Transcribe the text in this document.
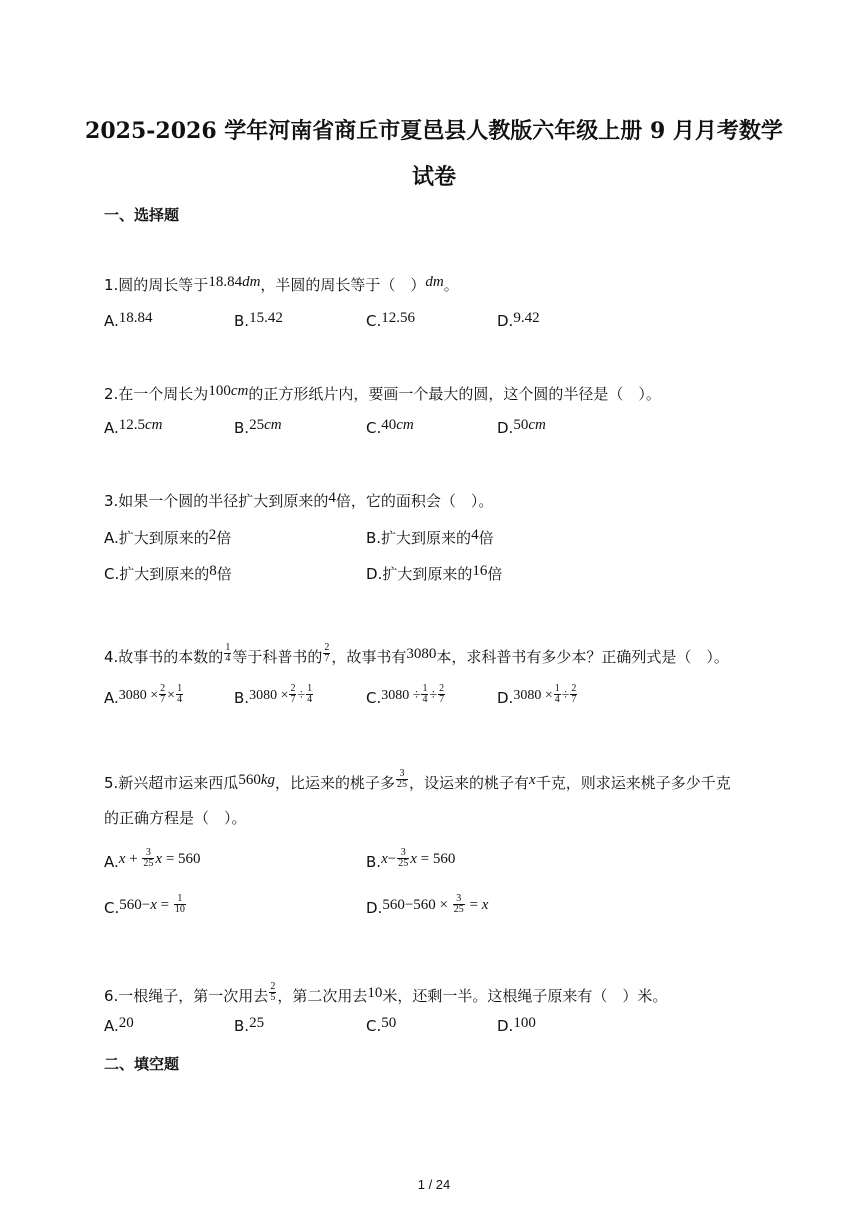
2025-2026 学年河南省商丘市夏邑县人教版六年级上册 9 月月考数学
试卷
一、选择题
1.圆的周长等于18.84dm，半圆的周长等于（　）dm。
A.18.84	B.15.42	C.12.56	D.9.42
2.在一个周长为100cm的正方形纸片内，要画一个最大的圆，这个圆的半径是（　）。
A.12.5cm	B.25cm	C.40cm	D.50cm
3.如果一个圆的半径扩大到原来的4倍，它的面积会（　）。
A.扩大到原来的2倍	B.扩大到原来的4倍
C.扩大到原来的8倍	D.扩大到原来的16倍
4.故事书的本数的 $\frac{1}{4}$ 等于科普书的 $\frac{2}{7}$ ，故事书有3080本，求科普书有多少本？正确列式是（　）。
$A.3080 \times \frac{2}{7} \times \frac{1}{4}$	$B.3080 \times \frac{2}{7} \div \frac{1}{4}$	$C.3080 \div \frac{1}{4} \div \frac{2}{7}$	$D.3080 \times \frac{1}{4} \div \frac{2}{7}$
5.新兴超市运来西瓜560kg，比运来的桃子多 $\frac{3}{25}$ ，设运来的桃子有x千克，则求运来桃子多少千克
的正确方程是（　）。
$A.x + \frac{3}{25}$ x = 560	$B.x- \frac{3}{25}$ x = 560
$C.560-x = \frac{1}{10}$	$D.560-560 \times \frac{3}{25} = x$
6.一根绳子，第一次用去 $\frac{2}{5}$ ，第二次用去10米，还剩一半。这根绳子原来有（　）米。
A.20	B.25	C.50	D.100
二、填空题
1 / 24
